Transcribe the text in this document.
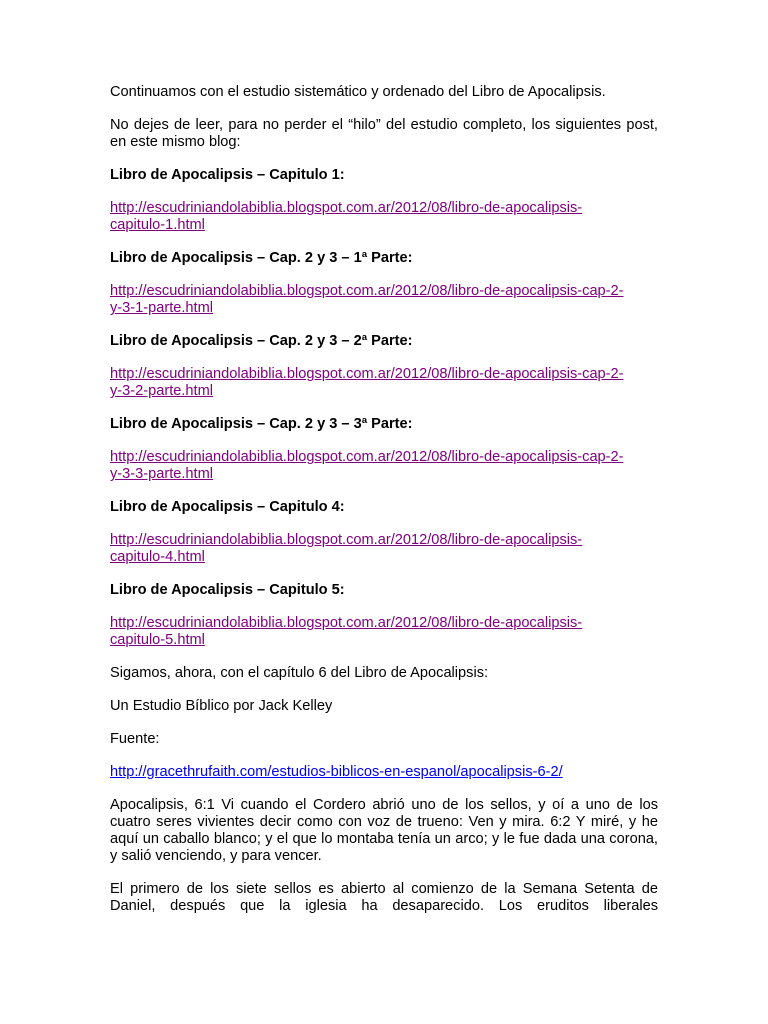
Continuamos con el estudio sistemático y ordenado del Libro de Apocalipsis.

No dejes de leer, para no perder el “hilo” del estudio completo, los siguientes post, en este mismo blog:

Libro de Apocalipsis – Capitulo 1:
http://escudriniandolabiblia.blogspot.com.ar/2012/08/libro-de-apocalipsis-
capitulo-1.html
Libro de Apocalipsis – Cap. 2 y 3 – 1ª Parte:
http://escudriniandolabiblia.blogspot.com.ar/2012/08/libro-de-apocalipsis-cap-2-
y-3-1-parte.html
Libro de Apocalipsis – Cap. 2 y 3 – 2ª Parte:
http://escudriniandolabiblia.blogspot.com.ar/2012/08/libro-de-apocalipsis-cap-2-
y-3-2-parte.html
Libro de Apocalipsis – Cap. 2 y 3 – 3ª Parte:
http://escudriniandolabiblia.blogspot.com.ar/2012/08/libro-de-apocalipsis-cap-2-
y-3-3-parte.html
Libro de Apocalipsis – Capitulo 4:
http://escudriniandolabiblia.blogspot.com.ar/2012/08/libro-de-apocalipsis-
capitulo-4.html
Libro de Apocalipsis – Capitulo 5:
http://escudriniandolabiblia.blogspot.com.ar/2012/08/libro-de-apocalipsis-
capitulo-5.html

Sigamos, ahora, con el capítulo 6 del Libro de Apocalipsis:

Un Estudio Bíblico por Jack Kelley

Fuente:

http://gracethrufaith.com/estudios-biblicos-en-espanol/apocalipsis-6-2/

Apocalipsis, 6:1 Vi cuando el Cordero abrió uno de los sellos, y oí a uno de los cuatro seres vivientes decir como con voz de trueno: Ven y mira. 6:2 Y miré, y he aquí un caballo blanco; y el que lo montaba tenía un arco; y le fue dada una corona, y salió venciendo, y para vencer.

El primero de los siete sellos es abierto al comienzo de la Semana Setenta de Daniel, después que la iglesia ha desaparecido. Los eruditos liberales
